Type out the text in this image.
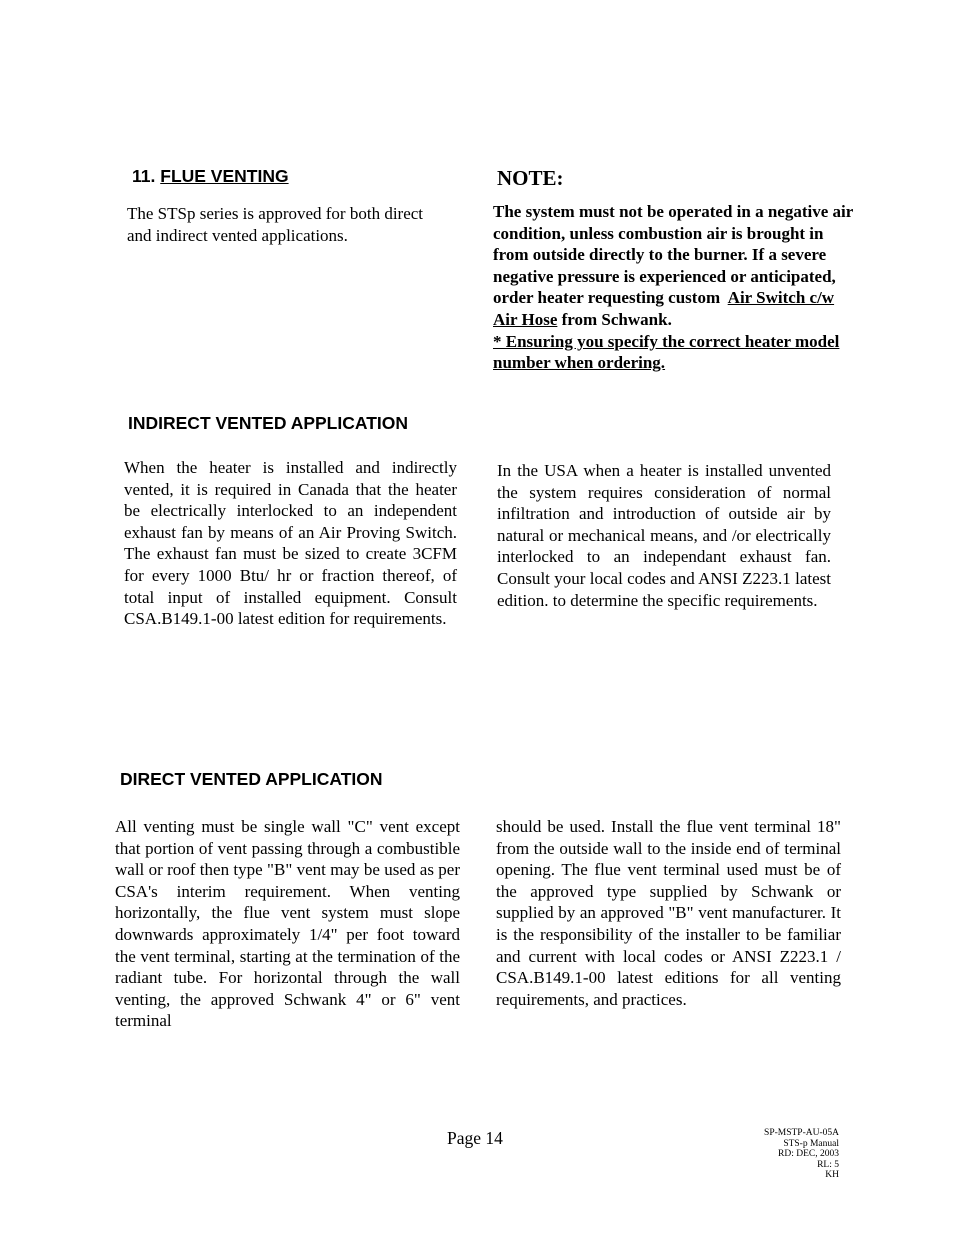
11. FLUE VENTING
The STSp series is approved for both direct and indirect vented applications.
NOTE:
The system must not be operated in a negative air condition, unless combustion air is brought in from outside directly to the burner. If a severe negative pressure is experienced or anticipated, order heater requesting custom Air Switch c/w Air Hose from Schwank.
* Ensuring you specify the correct heater model number when ordering.
INDIRECT VENTED APPLICATION
When the heater is installed and indirectly vented, it is required in Canada that the heater be electrically interlocked to an independent exhaust fan by means of an Air Proving Switch. The exhaust fan must be sized to create 3CFM for every 1000 Btu/ hr or fraction thereof, of total input of installed equipment. Consult CSA.B149.1-00 latest edition for requirements.
In the USA when a heater is installed unvented the system requires consideration of normal infiltration and introduction of outside air by natural or mechanical means, and /or electrically interlocked to an independant exhaust fan. Consult your local codes and ANSI Z223.1 latest edition. to determine the specific requirements.
DIRECT VENTED APPLICATION
All venting must be single wall "C" vent except that portion of vent passing through a combustible wall or roof then type "B" vent may be used as per CSA's interim requirement. When venting horizontally, the flue vent system must slope downwards approximately 1/4" per foot toward the vent terminal, starting at the termination of the radiant tube. For horizontal through the wall venting, the approved Schwank 4" or 6" vent terminal
should be used. Install the flue vent terminal 18" from the outside wall to the inside end of terminal opening. The flue vent terminal used must be of the approved type supplied by Schwank or supplied by an approved "B" vent manufacturer. It is the responsibility of the installer to be familiar and current with local codes or ANSI Z223.1 / CSA.B149.1-00 latest editions for all venting requirements, and practices.
Page 14	SP-MSTP-AU-05A
STS-p Manual
RD: DEC, 2003
RL: 5
KH
